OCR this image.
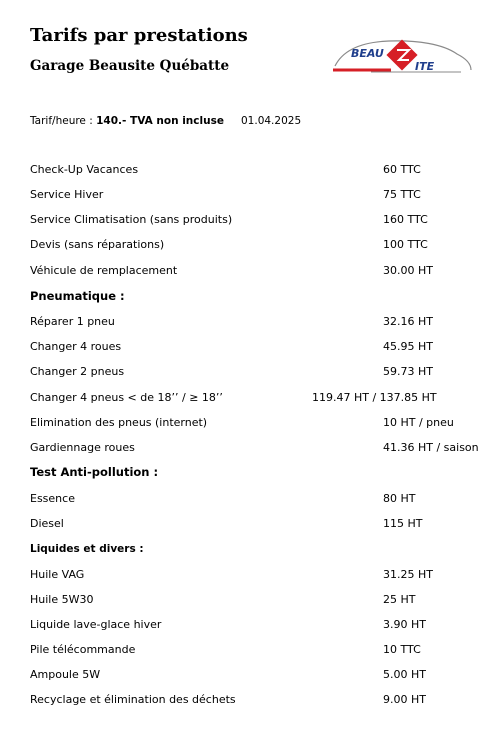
Tarifs par prestations
Garage Beausite Québatte
BEAU
ITE
Tarif/heure : 140.- TVA non incluse 01.04.2025
Check-Up Vacances	60 TTC
Service Hiver	75 TTC
Service Climatisation (sans produits)	160 TTC
Devis (sans réparations)	100 TTC
Véhicule de remplacement	30.00 HT
Pneumatique :
Réparer 1 pneu	32.16 HT
Changer 4 roues	45.95 HT
Changer 2 pneus	59.73 HT
Changer 4 pneus < de 18’’ / ≥ 18’’	119.47 HT / 137.85 HT
Elimination des pneus (internet)	10 HT / pneu
Gardiennage roues	41.36 HT / saison
Test Anti-pollution :
Essence	80 HT
Diesel	115 HT
Liquides et divers :
Huile VAG	31.25 HT
Huile 5W30	25 HT
Liquide lave-glace hiver	3.90 HT
Pile télécommande	10 TTC
Ampoule 5W	5.00 HT
Recyclage et élimination des déchets	9.00 HT
